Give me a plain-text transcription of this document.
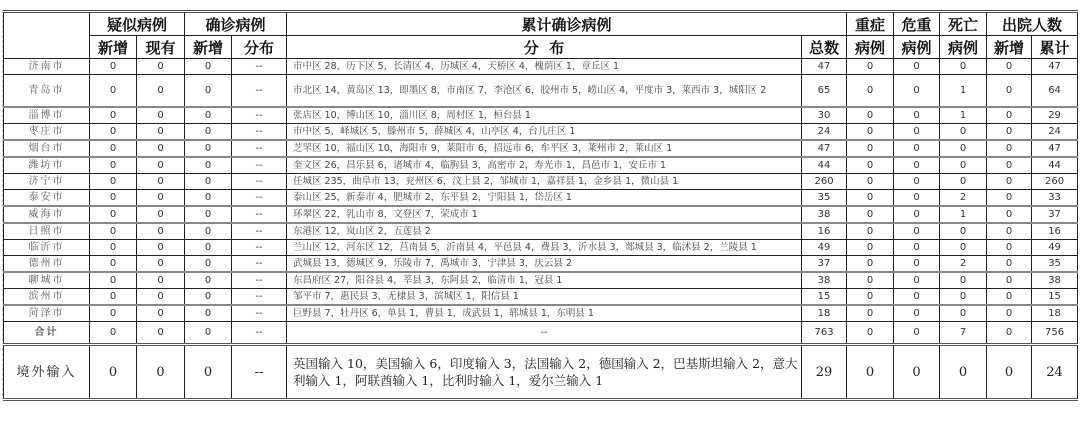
	疑似病例		确诊病例		累计确诊病例		重症	危重	死亡	出院人数	
	新增	现有	新增	分布	分  布	总数	病例	病例	病例	新增	累计
济南市	0	0	0	--	市中区 28，历下区 5，长清区 4，历城区 4，天桥区 4，槐荫区 1，章丘区 1	47	0	0	0	0	47
青岛市	0	0	0	--	市北区 14，黄岛区 13，即墨区 8，市南区 7，李沧区 6，胶州市 5，崂山区 4，平度市 3，莱西市 3，城阳区 2	65	0	0	1	0	64
淄博市	0	0	0	--	张店区 10，博山区 10，淄川区 8，周村区 1，桓台县 1	30	0	0	1	0	29
枣庄市	0	0	0	--	市中区 5，峄城区 5，滕州市 5，薛城区 4，山亭区 4，台儿庄区 1	24	0	0	0	0	24
烟台市	0	0	0	--	芝罘区 10，福山区 10，海阳市 9，莱阳市 6，招远市 6，牟平区 3，莱州市 2，莱山区 1	47	0	0	0	0	47
潍坊市	0	0	0	--	奎文区 26，昌乐县 6，诸城市 4，临朐县 3，高密市 2，寿光市 1，昌邑市 1，安丘市 1	44	0	0	0	0	44
济宁市	0	0	0	--	任城区 235，曲阜市 13，兖州区 6，汶上县 2，邹城市 1，嘉祥县 1，金乡县 1，微山县 1	260	0	0	0	0	260
泰安市	0	0	0	--	泰山区 25，新泰市 4，肥城市 2，东平县 2，宁阳县 1，岱岳区 1	35	0	0	2	0	33
威海市	0	0	0	--	环翠区 22，乳山市 8，文登区 7，荣成市 1	38	0	0	1	0	37
日照市	0	0	0	--	东港区 12，岚山区 2，五莲县 2	16	0	0	0	0	16
临沂市	0	0	0	--	兰山区 12，河东区 12，莒南县 5，沂南县 4，平邑县 4，费县 3，沂水县 3，郯城县 3，临沭县 2，兰陵县 1	49	0	0	0	0	49
德州市	0	0	0	--	武城县 13，德城区 9，乐陵市 7，禹城市 3，宁津县 3，庆云县 2	37	0	0	2	0	35
聊城市	0	0	0	--	东昌府区 27，阳谷县 4，莘县 3，东阿县 2，临清市 1，冠县 1	38	0	0	0	0	38
滨州市	0	0	0	--	邹平市 7，惠民县 3，无棣县 3，滨城区 1，阳信县 1	15	0	0	0	0	15
菏泽市	0	0	0	--	巨野县 7，牡丹区 6，单县 1，曹县 1，成武县 1，郓城县 1，东明县 1	18	0	0	0	0	18
合计	0	0	0	--	--	763	0	0	7	0	756
境外输入	0	0	0	--	英国输入 10，美国输入 6，印度输入 3，法国输入 2，德国输入 2，巴基斯坦输入 2，意大利输入 1，阿联酋输入 1，比利时输入 1，爱尔兰输入 1	29	0	0	0	0	24
